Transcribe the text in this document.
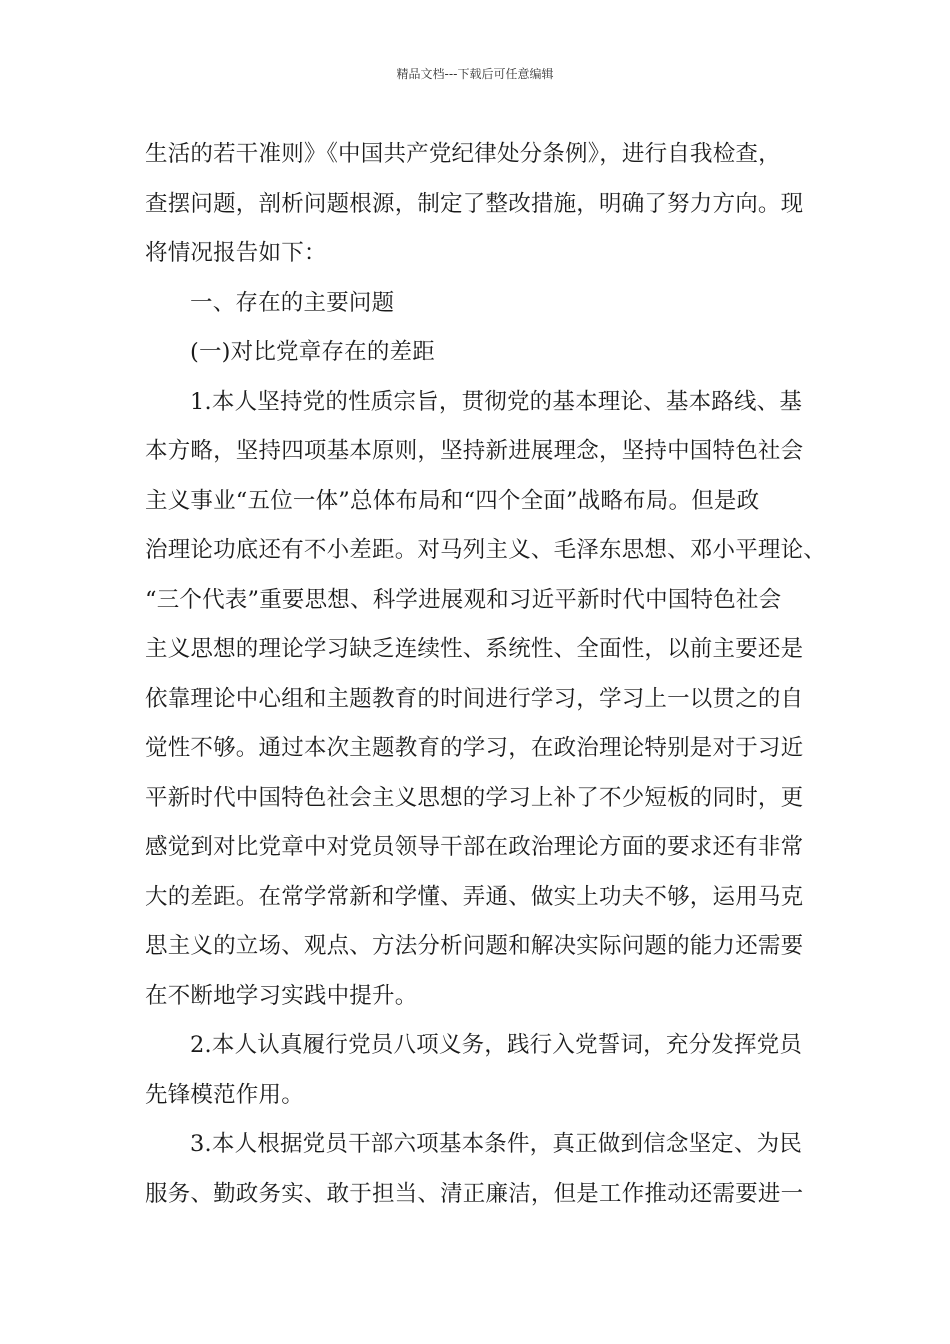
精品文档---下载后可任意编辑
生活的若干准则》《中国共产党纪律处分条例》，进行自我检查，
查摆问题，剖析问题根源，制定了整改措施，明确了努力方向。现
将情况报告如下：
一、存在的主要问题
(一)对比党章存在的差距
1.本人坚持党的性质宗旨，贯彻党的基本理论、基本路线、基
本方略，坚持四项基本原则，坚持新进展理念，坚持中国特色社会
主义事业“五位一体”总体布局和“四个全面”战略布局。但是政
治理论功底还有不小差距。对马列主义、毛泽东思想、邓小平理论、
“三个代表”重要思想、科学进展观和习近平新时代中国特色社会
主义思想的理论学习缺乏连续性、系统性、全面性，以前主要还是
依靠理论中心组和主题教育的时间进行学习，学习上一以贯之的自
觉性不够。通过本次主题教育的学习，在政治理论特别是对于习近
平新时代中国特色社会主义思想的学习上补了不少短板的同时，更
感觉到对比党章中对党员领导干部在政治理论方面的要求还有非常
大的差距。在常学常新和学懂、弄通、做实上功夫不够，运用马克
思主义的立场、观点、方法分析问题和解决实际问题的能力还需要
在不断地学习实践中提升。
2.本人认真履行党员八项义务，践行入党誓词，充分发挥党员
先锋模范作用。
3.本人根据党员干部六项基本条件，真正做到信念坚定、为民
服务、勤政务实、敢于担当、清正廉洁，但是工作推动还需要进一
